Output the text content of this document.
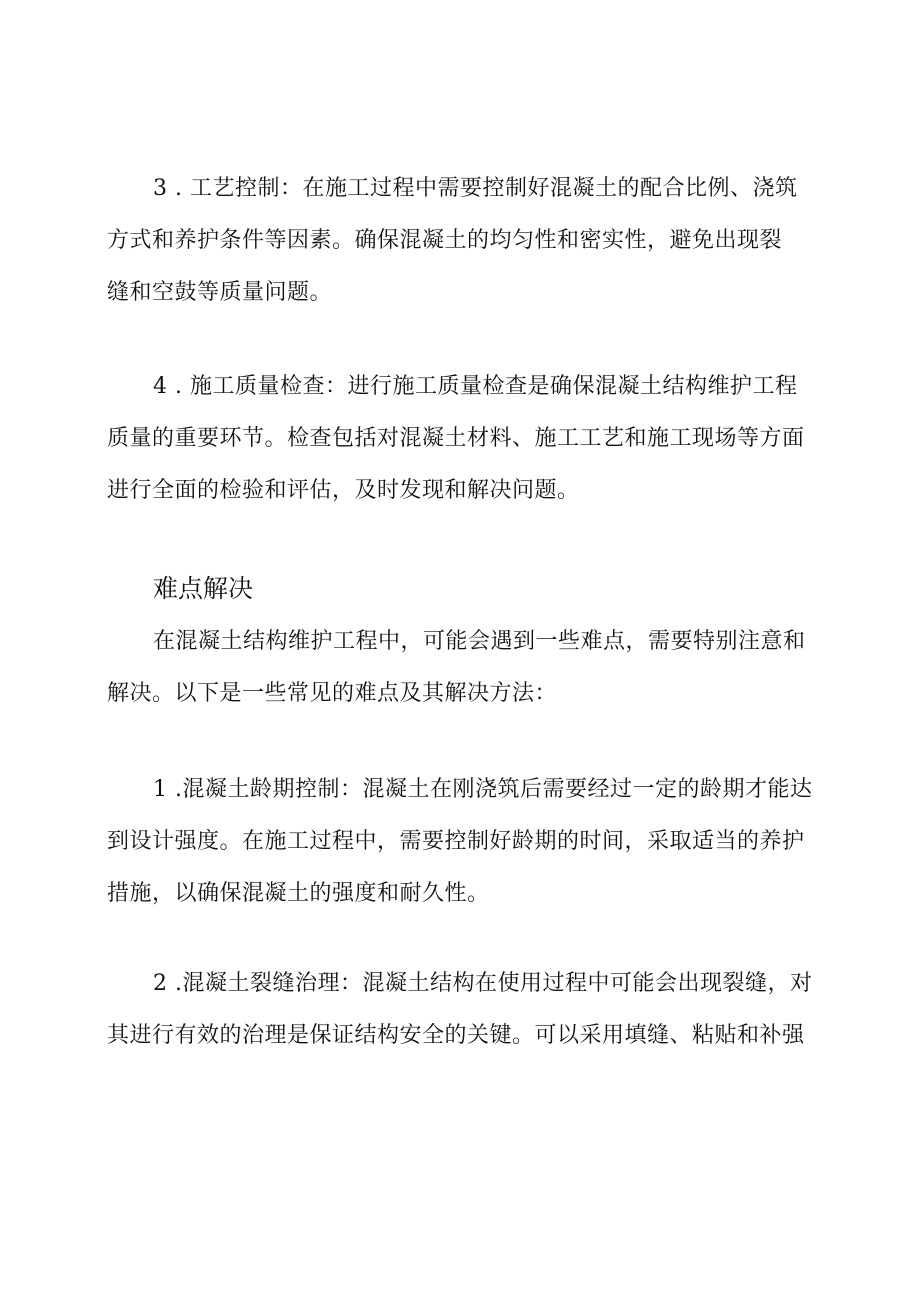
3 . 工艺控制：在施工过程中需要控制好混凝土的配合比例、浇筑
方式和养护条件等因素。确保混凝土的均匀性和密实性，避免出现裂
缝和空鼓等质量问题。

4 . 施工质量检查：进行施工质量检查是确保混凝土结构维护工程
质量的重要环节。检查包括对混凝土材料、施工工艺和施工现场等方面
进行全面的检验和评估，及时发现和解决问题。

难点解决

在混凝土结构维护工程中，可能会遇到一些难点，需要特别注意和
解决。以下是一些常见的难点及其解决方法：

1 .混凝土龄期控制：混凝土在刚浇筑后需要经过一定的龄期才能达
到设计强度。在施工过程中，需要控制好龄期的时间，采取适当的养护
措施，以确保混凝土的强度和耐久性。

2 .混凝土裂缝治理：混凝土结构在使用过程中可能会出现裂缝，对
其进行有效的治理是保证结构安全的关键。可以采用填缝、粘贴和补强
